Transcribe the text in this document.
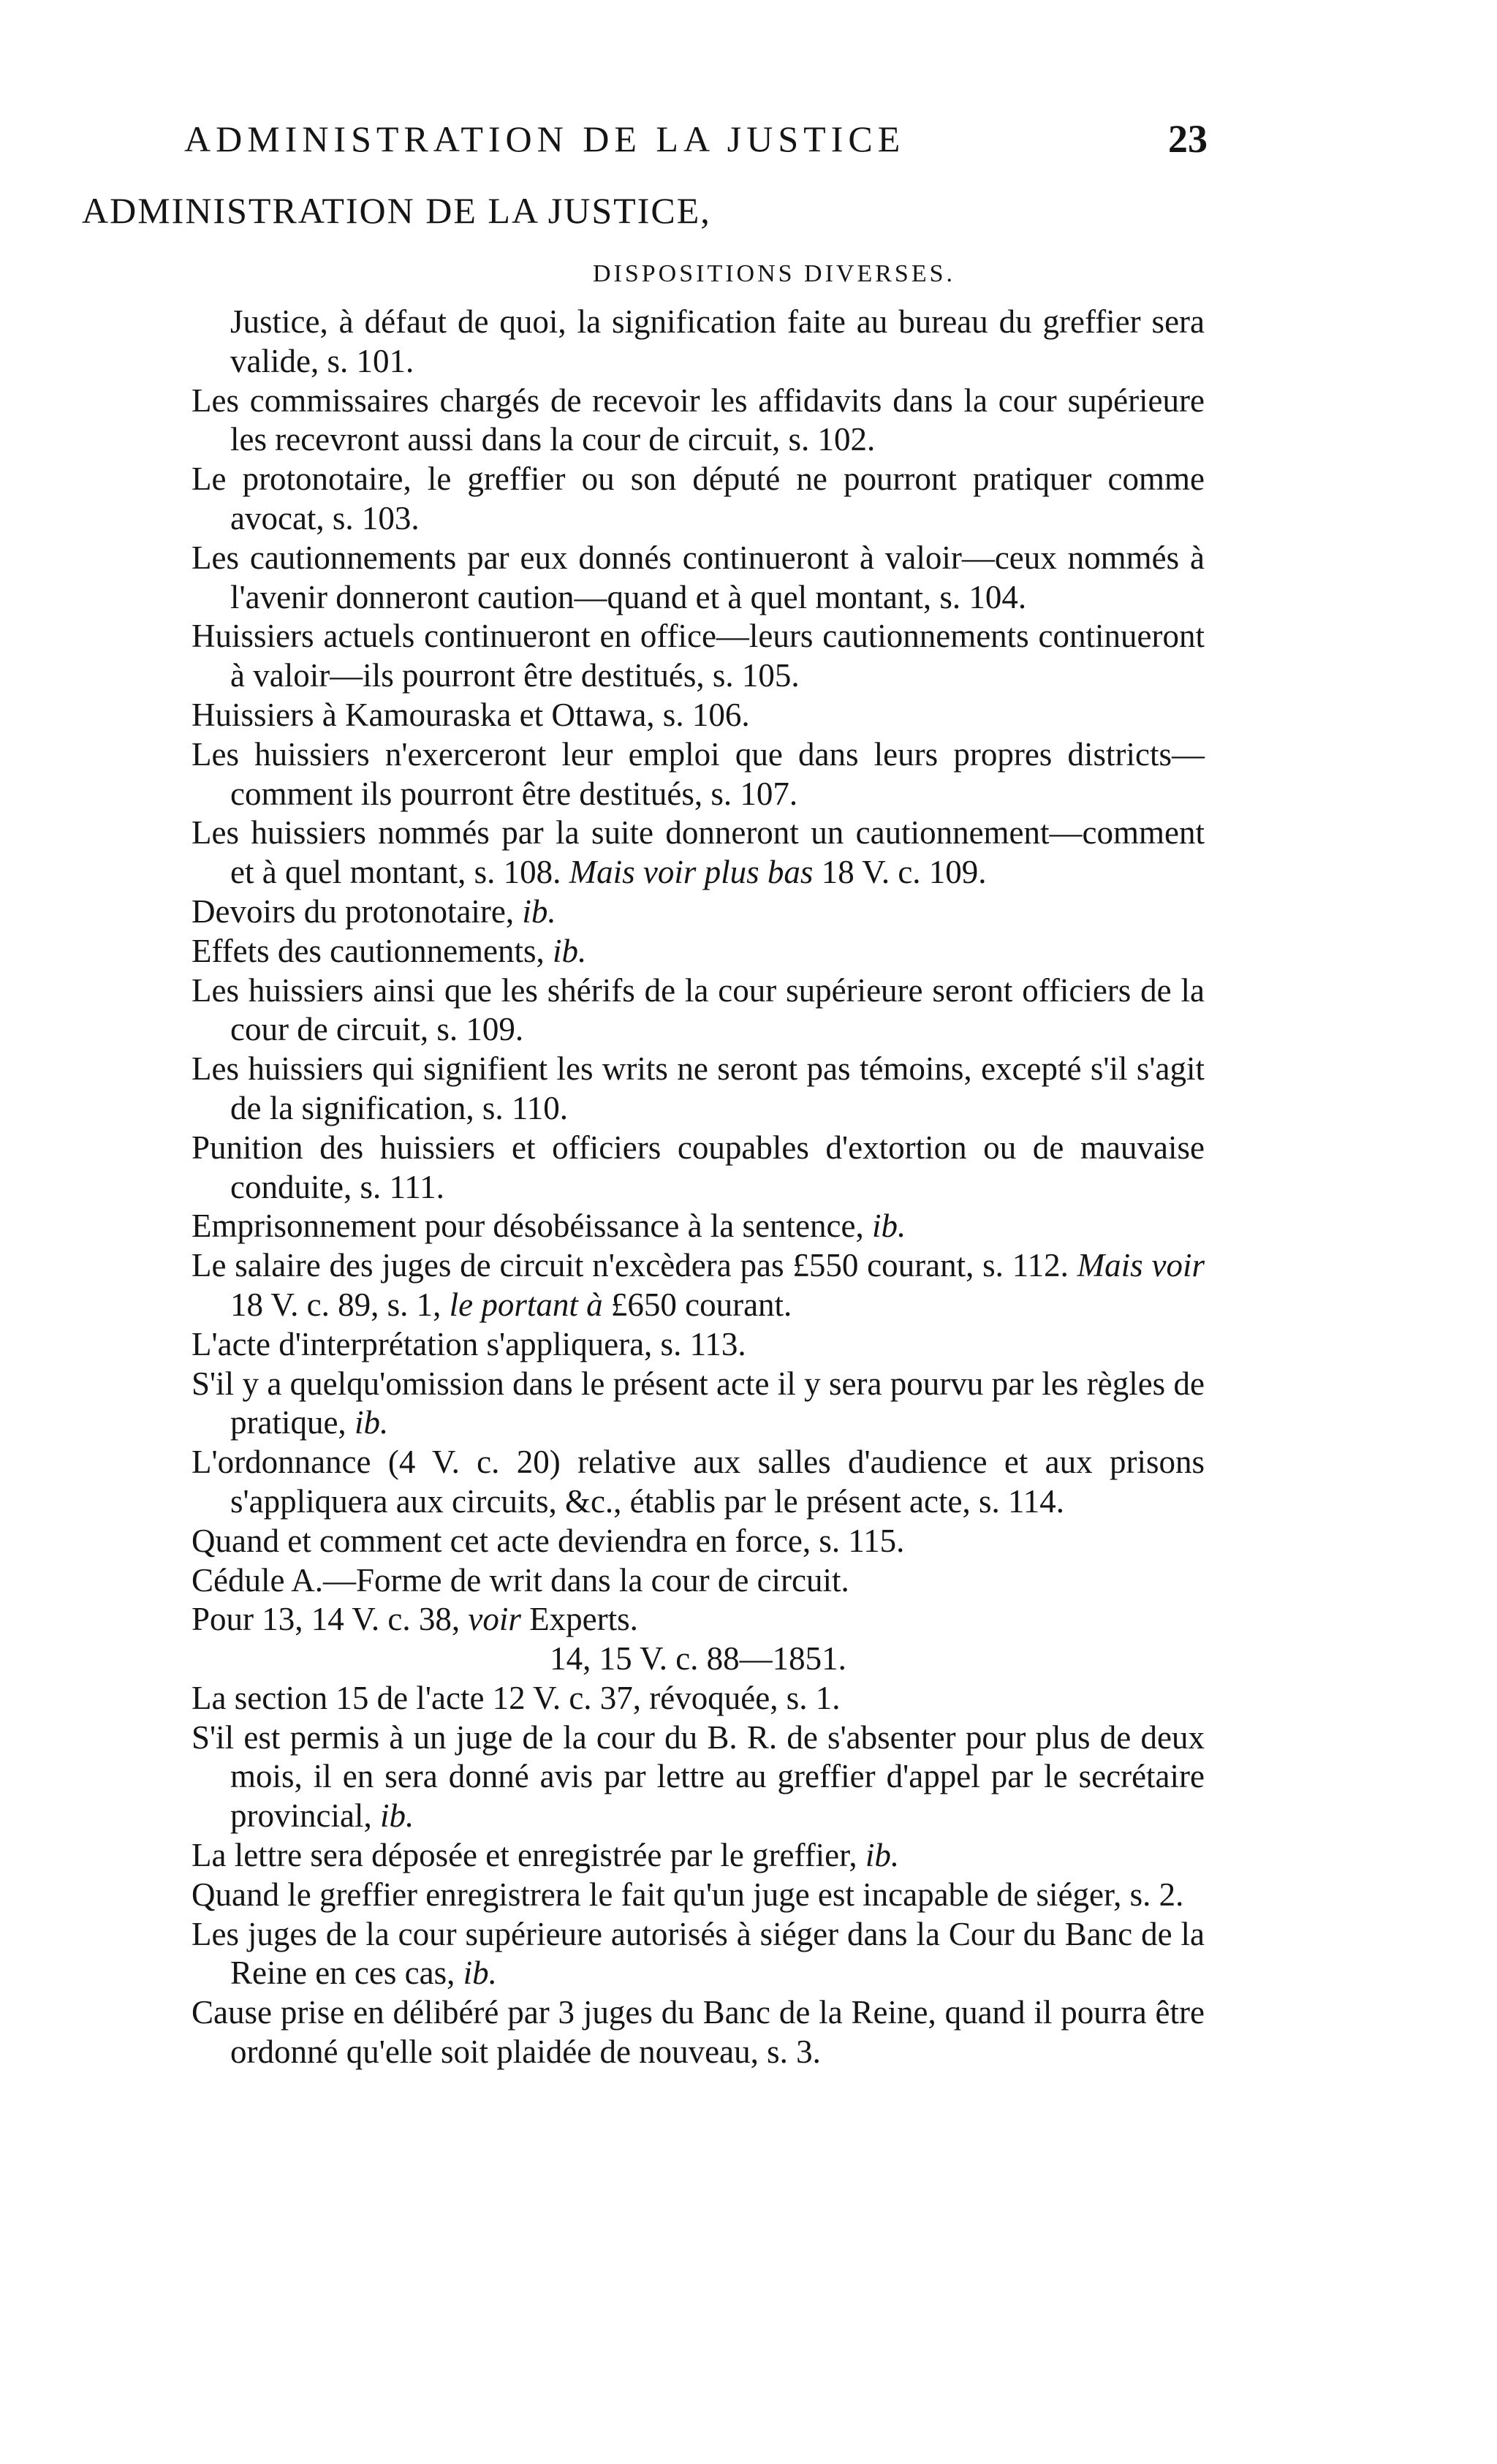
ADMINISTRATION DE LA JUSTICE	23
ADMINISTRATION DE LA JUSTICE,
DISPOSITIONS DIVERSES.

Justice, à défaut de quoi, la signification faite au bureau du greffier sera valide, s. 101.

Les commissaires chargés de recevoir les affidavits dans la cour supérieure les recevront aussi dans la cour de circuit, s. 102.

Le protonotaire, le greffier ou son député ne pourront pratiquer comme avocat, s. 103.

Les cautionnements par eux donnés continueront à valoir—ceux nommés à l'avenir donneront caution—quand et à quel montant, s. 104.

Huissiers actuels continueront en office—leurs cautionnements continueront à valoir—ils pourront être destitués, s. 105.

Huissiers à Kamouraska et Ottawa, s. 106.

Les huissiers n'exerceront leur emploi que dans leurs propres districts—comment ils pourront être destitués, s. 107.

Les huissiers nommés par la suite donneront un cautionnement—comment et à quel montant, s. 108. Mais voir plus bas 18 V. c. 109.

Devoirs du protonotaire, ib.

Effets des cautionnements, ib.

Les huissiers ainsi que les shérifs de la cour supérieure seront officiers de la cour de circuit, s. 109.

Les huissiers qui signifient les writs ne seront pas témoins, excepté s'il s'agit de la signification, s. 110.

Punition des huissiers et officiers coupables d'extortion ou de mauvaise conduite, s. 111.

Emprisonnement pour désobéissance à la sentence, ib.

Le salaire des juges de circuit n'excèdera pas £550 courant, s. 112. Mais voir 18 V. c. 89, s. 1, le portant à £650 courant.

L'acte d'interprétation s'appliquera, s. 113.

S'il y a quelqu'omission dans le présent acte il y sera pourvu par les règles de pratique, ib.

L'ordonnance (4 V. c. 20) relative aux salles d'audience et aux prisons s'appliquera aux circuits, &c., établis par le présent acte, s. 114.

Quand et comment cet acte deviendra en force, s. 115.

Cédule A.—Forme de writ dans la cour de circuit.

Pour 13, 14 V. c. 38, voir Experts.

14, 15 V. c. 88—1851.

La section 15 de l'acte 12 V. c. 37, révoquée, s. 1.

S'il est permis à un juge de la cour du B. R. de s'absenter pour plus de deux mois, il en sera donné avis par lettre au greffier d'appel par le secrétaire provincial, ib.

La lettre sera déposée et enregistrée par le greffier, ib.

Quand le greffier enregistrera le fait qu'un juge est incapable de siéger, s. 2.

Les juges de la cour supérieure autorisés à siéger dans la Cour du Banc de la Reine en ces cas, ib.

Cause prise en délibéré par 3 juges du Banc de la Reine, quand il pourra être ordonné qu'elle soit plaidée de nouveau, s. 3.
